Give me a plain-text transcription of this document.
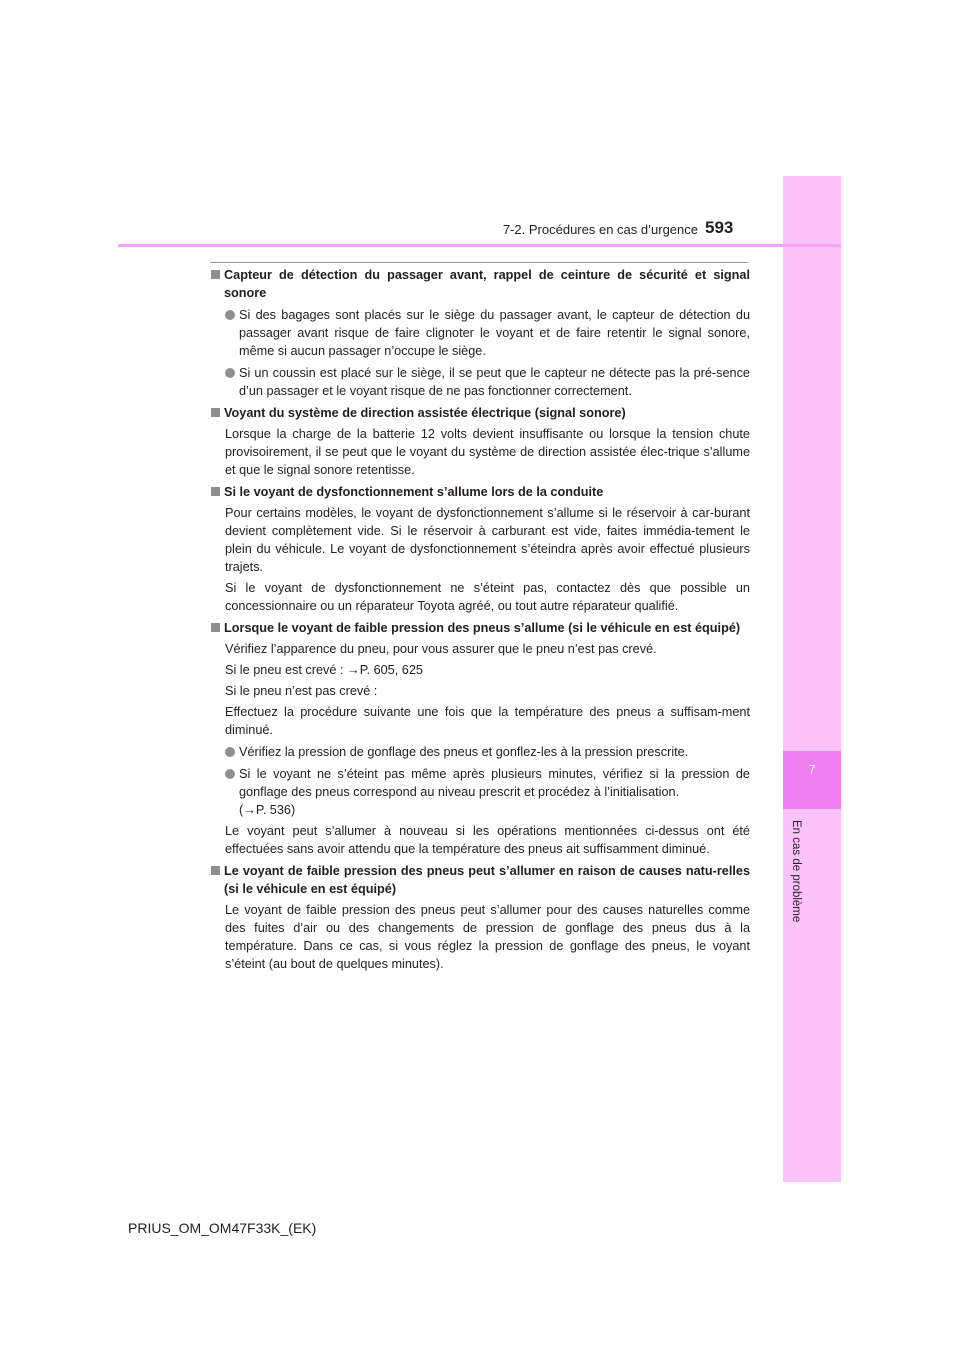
7
En cas de problème
7-2. Procédures en cas d’urgence 593
Capteur de détection du passager avant, rappel de ceinture de sécurité et signal sonore
Si des bagages sont placés sur le siège du passager avant, le capteur de détection du passager avant risque de faire clignoter le voyant et de faire retentir le signal sonore, même si aucun passager n’occupe le siège.
Si un coussin est placé sur le siège, il se peut que le capteur ne détecte pas la pré-sence d’un passager et le voyant risque de ne pas fonctionner correctement.
Voyant du système de direction assistée électrique (signal sonore)
Lorsque la charge de la batterie 12 volts devient insuffisante ou lorsque la tension chute provisoirement, il se peut que le voyant du système de direction assistée élec-trique s’allume et que le signal sonore retentisse.
Si le voyant de dysfonctionnement s’allume lors de la conduite
Pour certains modèles, le voyant de dysfonctionnement s’allume si le réservoir à car-burant devient complètement vide. Si le réservoir à carburant est vide, faites immédia-tement le plein du véhicule. Le voyant de dysfonctionnement s’éteindra après avoir effectué plusieurs trajets.
Si le voyant de dysfonctionnement ne s’éteint pas, contactez dès que possible un concessionnaire ou un réparateur Toyota agréé, ou tout autre réparateur qualifié.
Lorsque le voyant de faible pression des pneus s’allume (si le véhicule en est équipé)
Vérifiez l’apparence du pneu, pour vous assurer que le pneu n’est pas crevé.
Si le pneu est crevé : →P. 605, 625
Si le pneu n’est pas crevé :
Effectuez la procédure suivante une fois que la température des pneus a suffisam-ment diminué.
Vérifiez la pression de gonflage des pneus et gonflez-les à la pression prescrite.
Si le voyant ne s’éteint pas même après plusieurs minutes, vérifiez si la pression de gonflage des pneus correspond au niveau prescrit et procédez à l’initialisation.
(→P. 536)
Le voyant peut s’allumer à nouveau si les opérations mentionnées ci-dessus ont été effectuées sans avoir attendu que la température des pneus ait suffisamment diminué.
Le voyant de faible pression des pneus peut s’allumer en raison de causes natu-relles (si le véhicule en est équipé)
Le voyant de faible pression des pneus peut s’allumer pour des causes naturelles comme des fuites d’air ou des changements de pression de gonflage des pneus dus à la température. Dans ce cas, si vous réglez la pression de gonflage des pneus, le voyant s’éteint (au bout de quelques minutes).
PRIUS_OM_OM47F33K_(EK)
